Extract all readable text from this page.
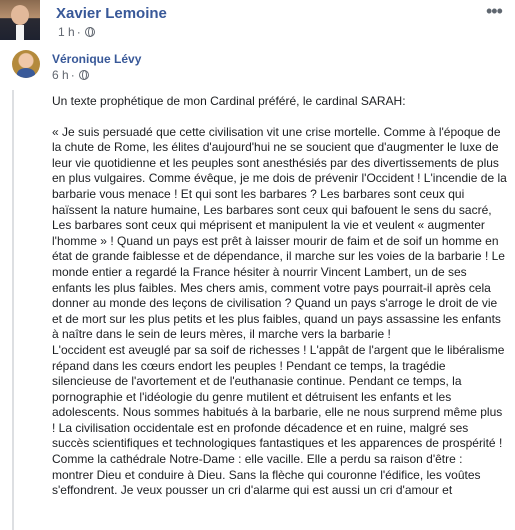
Xavier Lemoine
1 h ·
•••
Véronique Lévy
6 h ·

Un texte prophétique de mon Cardinal préféré, le cardinal SARAH:

« Je suis persuadé que cette civilisation vit une crise mortelle. Comme à l'époque de la chute de Rome, les élites d'aujourd'hui ne se soucient que d'augmenter le luxe de leur vie quotidienne et les peuples sont anesthésiés par des divertissements de plus en plus vulgaires. Comme évêque, je me dois de prévenir l'Occident ! L'incendie de la barbarie vous menace ! Et qui sont les barbares ? Les barbares sont ceux qui haïssent la nature humaine, Les barbares sont ceux qui bafouent le sens du sacré, Les barbares sont ceux qui méprisent et manipulent la vie et veulent « augmenter l'homme » ! Quand un pays est prêt à laisser mourir de faim et de soif un homme en état de grande faiblesse et de dépendance, il marche sur les voies de la barbarie ! Le monde entier a regardé la France hésiter à nourrir Vincent Lambert, un de ses enfants les plus faibles. Mes chers amis, comment votre pays pourrait-il après cela donner au monde des leçons de civilisation ? Quand un pays s'arroge le droit de vie et de mort sur les plus petits et les plus faibles, quand un pays assassine les enfants à naître dans le sein de leurs mères, il marche vers la barbarie !

L'occident est aveuglé par sa soif de richesses ! L'appât de l'argent que le libéralisme répand dans les cœurs endort les peuples ! Pendant ce temps, la tragédie silencieuse de l'avortement et de l'euthanasie continue. Pendant ce temps, la pornographie et l'idéologie du genre mutilent et détruisent les enfants et les adolescents. Nous sommes habitués à la barbarie, elle ne nous surprend même plus ! La civilisation occidentale est en profonde décadence et en ruine, malgré ses succès scientifiques et technologiques fantastiques et les apparences de prospérité ! Comme la cathédrale Notre-Dame : elle vacille. Elle a perdu sa raison d'être : montrer Dieu et conduire à Dieu. Sans la flèche qui couronne l'édifice, les voûtes s'effondrent. Je veux pousser un cri d'alarme qui est aussi un cri d'amour et
